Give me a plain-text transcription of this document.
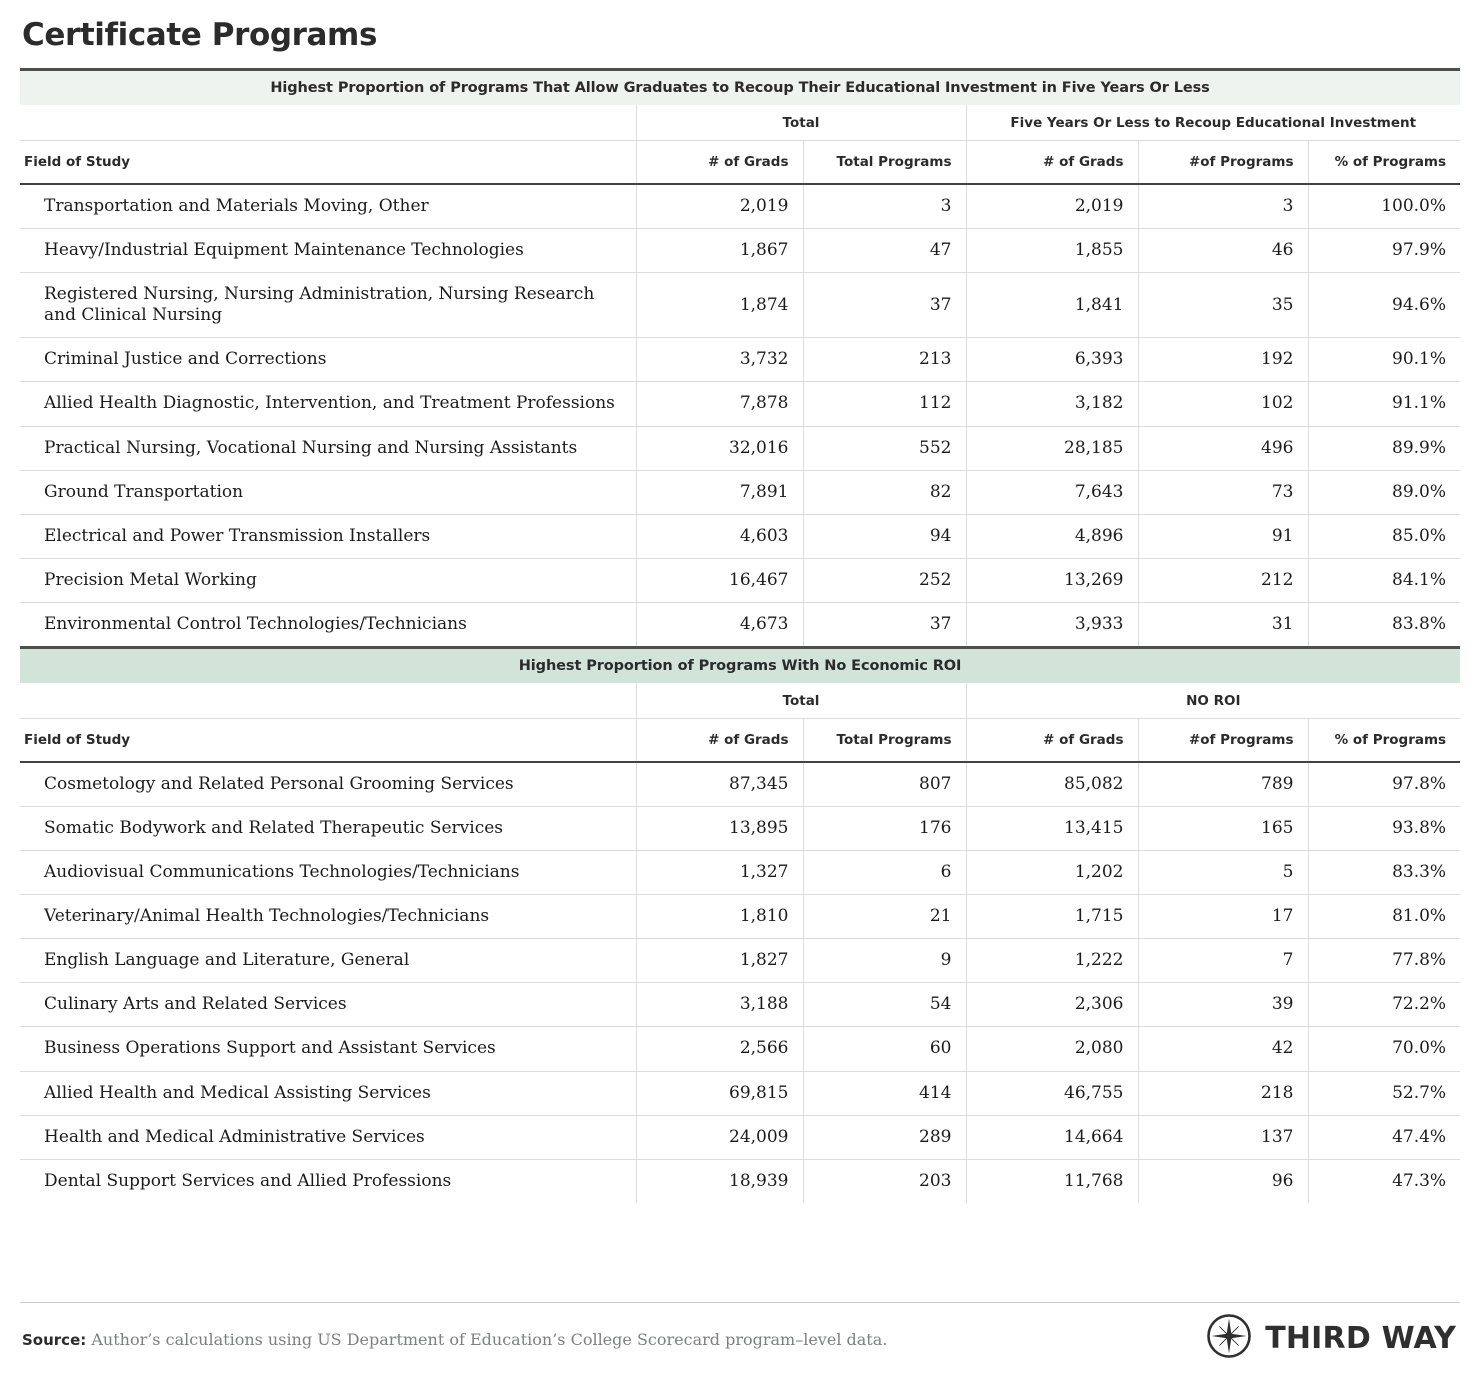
Certificate Programs
Highest Proportion of Programs That Allow Graduates to Recoup Their Educational Investment in Five Years Or Less					
	Total		Five Years Or Less to Recoup Educational Investment		
Field of Study	# of Grads	Total Programs	# of Grads	#of Programs	% of Programs
Transportation and Materials Moving, Other	2,019	3	2,019	3	100.0%
Heavy/Industrial Equipment Maintenance Technologies	1,867	47	1,855	46	97.9%
Registered Nursing, Nursing Administration, Nursing Research and Clinical Nursing	1,874	37	1,841	35	94.6%
Criminal Justice and Corrections	3,732	213	6,393	192	90.1%
Allied Health Diagnostic, Intervention, and Treatment Professions	7,878	112	3,182	102	91.1%
Practical Nursing, Vocational Nursing and Nursing Assistants	32,016	552	28,185	496	89.9%
Ground Transportation	7,891	82	7,643	73	89.0%
Electrical and Power Transmission Installers	4,603	94	4,896	91	85.0%
Precision Metal Working	16,467	252	13,269	212	84.1%
Environmental Control Technologies/Technicians	4,673	37	3,933	31	83.8%
Highest Proportion of Programs With No Economic ROI					
	Total		NO ROI		
Field of Study	# of Grads	Total Programs	# of Grads	#of Programs	% of Programs
Cosmetology and Related Personal Grooming Services	87,345	807	85,082	789	97.8%
Somatic Bodywork and Related Therapeutic Services	13,895	176	13,415	165	93.8%
Audiovisual Communications Technologies/Technicians	1,327	6	1,202	5	83.3%
Veterinary/Animal Health Technologies/Technicians	1,810	21	1,715	17	81.0%
English Language and Literature, General	1,827	9	1,222	7	77.8%
Culinary Arts and Related Services	3,188	54	2,306	39	72.2%
Business Operations Support and Assistant Services	2,566	60	2,080	42	70.0%
Allied Health and Medical Assisting Services	69,815	414	46,755	218	52.7%
Health and Medical Administrative Services	24,009	289	14,664	137	47.4%
Dental Support Services and Allied Professions	18,939	203	11,768	96	47.3%
Source: Author’s calculations using US Department of Education’s College Scorecard program–level data.	THIRD WAY
